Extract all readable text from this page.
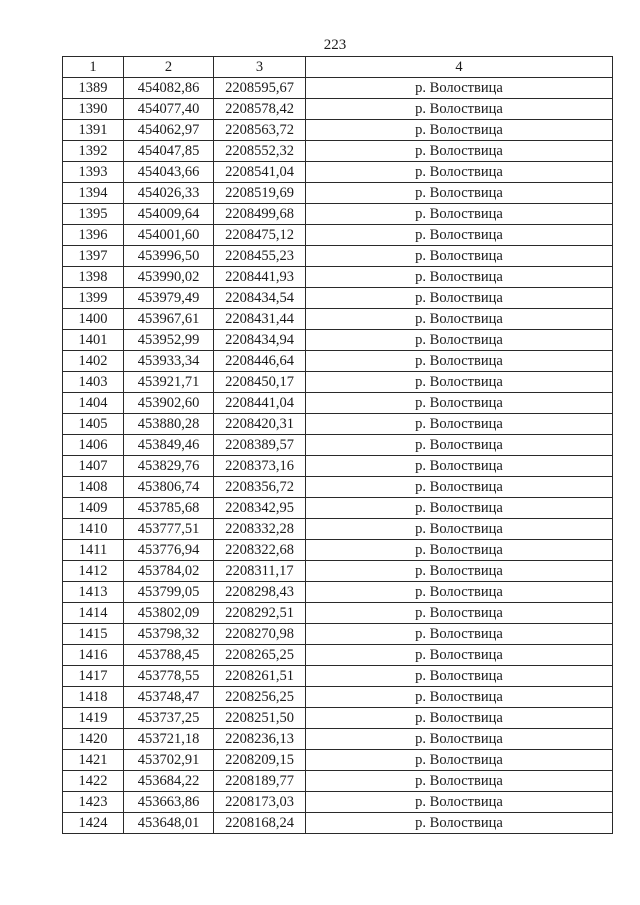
223
1	2	3	4
1389	454082,86	2208595,67	р. Волоствица
1390	454077,40	2208578,42	р. Волоствица
1391	454062,97	2208563,72	р. Волоствица
1392	454047,85	2208552,32	р. Волоствица
1393	454043,66	2208541,04	р. Волоствица
1394	454026,33	2208519,69	р. Волоствица
1395	454009,64	2208499,68	р. Волоствица
1396	454001,60	2208475,12	р. Волоствица
1397	453996,50	2208455,23	р. Волоствица
1398	453990,02	2208441,93	р. Волоствица
1399	453979,49	2208434,54	р. Волоствица
1400	453967,61	2208431,44	р. Волоствица
1401	453952,99	2208434,94	р. Волоствица
1402	453933,34	2208446,64	р. Волоствица
1403	453921,71	2208450,17	р. Волоствица
1404	453902,60	2208441,04	р. Волоствица
1405	453880,28	2208420,31	р. Волоствица
1406	453849,46	2208389,57	р. Волоствица
1407	453829,76	2208373,16	р. Волоствица
1408	453806,74	2208356,72	р. Волоствица
1409	453785,68	2208342,95	р. Волоствица
1410	453777,51	2208332,28	р. Волоствица
1411	453776,94	2208322,68	р. Волоствица
1412	453784,02	2208311,17	р. Волоствица
1413	453799,05	2208298,43	р. Волоствица
1414	453802,09	2208292,51	р. Волоствица
1415	453798,32	2208270,98	р. Волоствица
1416	453788,45	2208265,25	р. Волоствица
1417	453778,55	2208261,51	р. Волоствица
1418	453748,47	2208256,25	р. Волоствица
1419	453737,25	2208251,50	р. Волоствица
1420	453721,18	2208236,13	р. Волоствица
1421	453702,91	2208209,15	р. Волоствица
1422	453684,22	2208189,77	р. Волоствица
1423	453663,86	2208173,03	р. Волоствица
1424	453648,01	2208168,24	р. Волоствица
